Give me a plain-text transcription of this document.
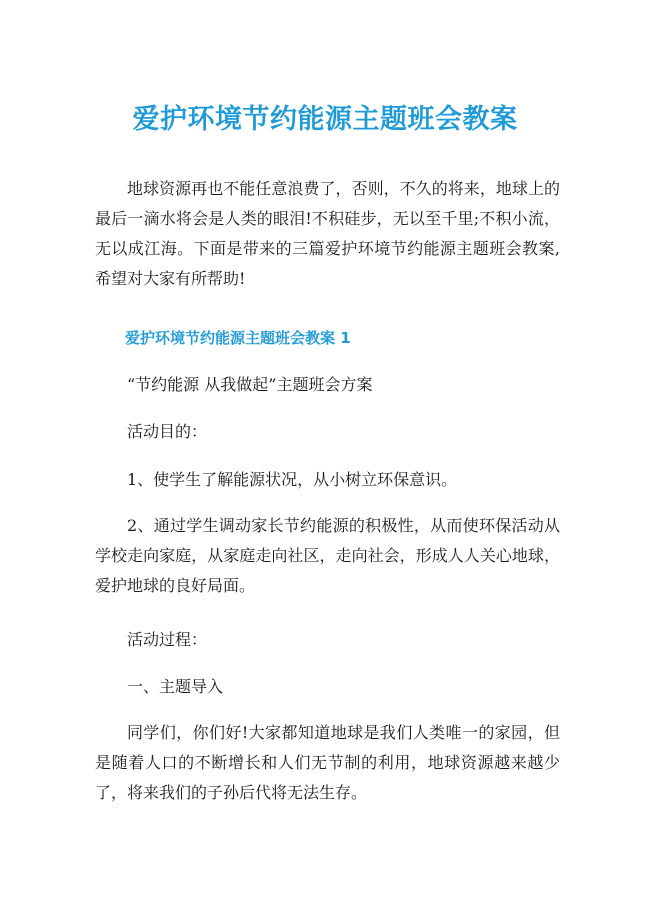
爱护环境节约能源主题班会教案

地球资源再也不能任意浪费了，否则，不久的将来，地球上的最后一滴水将会是人类的眼泪!不积硅步，无以至千里;不积小流，无以成江海。下面是带来的三篇爱护环境节约能源主题班会教案,希望对大家有所帮助!

爱护环境节约能源主题班会教案 1

“节约能源 从我做起”主题班会方案

活动目的：

1、使学生了解能源状况，从小树立环保意识。

2、通过学生调动家长节约能源的积极性，从而使环保活动从学校走向家庭，从家庭走向社区，走向社会，形成人人关心地球，爱护地球的良好局面。

活动过程：

一、主题导入

同学们，你们好!大家都知道地球是我们人类唯一的家园，但是随着人口的不断增长和人们无节制的利用，地球资源越来越少了，将来我们的子孙后代将无法生存。
